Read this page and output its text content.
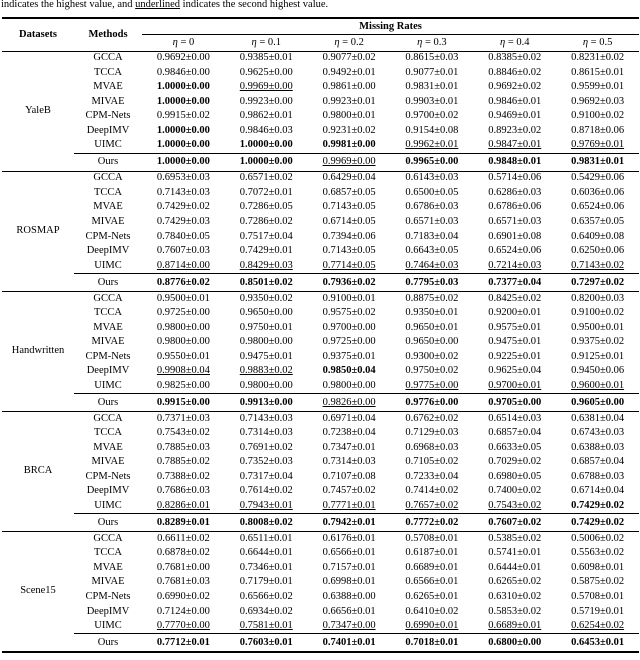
indicates the highest value, and underlined indicates the second highest value.
Datasets	Methods	Missing Rates					
		η = 0	η = 0.1	η = 0.2	η = 0.3	η = 0.4	η = 0.5
YaleB	GCCA	0.9692±0.00	0.9385±0.01	0.9077±0.02	0.8615±0.03	0.8385±0.02	0.8231±0.02
	TCCA	0.9846±0.00	0.9625±0.00	0.9492±0.01	0.9077±0.01	0.8846±0.02	0.8615±0.01
	MVAE	1.0000±0.00	0.9969±0.00	0.9861±0.00	0.9831±0.01	0.9692±0.02	0.9599±0.01
	MIVAE	1.0000±0.00	0.9923±0.00	0.9923±0.01	0.9903±0.01	0.9846±0.01	0.9692±0.03
	CPM-Nets	0.9915±0.02	0.9862±0.01	0.9800±0.01	0.9700±0.02	0.9469±0.01	0.9100±0.02
	DeepIMV	1.0000±0.00	0.9846±0.03	0.9231±0.02	0.9154±0.08	0.8923±0.02	0.8718±0.06
	UIMC	1.0000±0.00	1.0000±0.00	0.9981±0.00	0.9962±0.01	0.9847±0.01	0.9769±0.01
	Ours	1.0000±0.00	1.0000±0.00	0.9969±0.00	0.9965±0.00	0.9848±0.01	0.9831±0.01
ROSMAP	GCCA	0.6953±0.03	0.6571±0.02	0.6429±0.04	0.6143±0.03	0.5714±0.06	0.5429±0.06
	TCCA	0.7143±0.03	0.7072±0.01	0.6857±0.05	0.6500±0.05	0.6286±0.03	0.6036±0.06
	MVAE	0.7429±0.02	0.7286±0.05	0.7143±0.05	0.6786±0.03	0.6786±0.06	0.6524±0.06
	MIVAE	0.7429±0.03	0.7286±0.02	0.6714±0.05	0.6571±0.03	0.6571±0.03	0.6357±0.05
	CPM-Nets	0.7840±0.05	0.7517±0.04	0.7394±0.06	0.7183±0.04	0.6901±0.08	0.6409±0.08
	DeepIMV	0.7607±0.03	0.7429±0.01	0.7143±0.05	0.6643±0.05	0.6524±0.06	0.6250±0.06
	UIMC	0.8714±0.00	0.8429±0.03	0.7714±0.05	0.7464±0.03	0.7214±0.03	0.7143±0.02
	Ours	0.8776±0.02	0.8501±0.02	0.7936±0.02	0.7795±0.03	0.7377±0.04	0.7297±0.02
Handwritten	GCCA	0.9500±0.01	0.9350±0.02	0.9100±0.01	0.8875±0.02	0.8425±0.02	0.8200±0.03
	TCCA	0.9725±0.00	0.9650±0.00	0.9575±0.02	0.9350±0.01	0.9200±0.01	0.9100±0.02
	MVAE	0.9800±0.00	0.9750±0.01	0.9700±0.00	0.9650±0.01	0.9575±0.01	0.9500±0.01
	MIVAE	0.9800±0.00	0.9800±0.00	0.9725±0.00	0.9650±0.00	0.9475±0.01	0.9375±0.02
	CPM-Nets	0.9550±0.01	0.9475±0.01	0.9375±0.01	0.9300±0.02	0.9225±0.01	0.9125±0.01
	DeepIMV	0.9908±0.04	0.9883±0.02	0.9850±0.04	0.9750±0.02	0.9625±0.04	0.9450±0.06
	UIMC	0.9825±0.00	0.9800±0.00	0.9800±0.00	0.9775±0.00	0.9700±0.01	0.9600±0.01
	Ours	0.9915±0.00	0.9913±0.00	0.9826±0.00	0.9776±0.00	0.9705±0.00	0.9605±0.00
BRCA	GCCA	0.7371±0.03	0.7143±0.03	0.6971±0.04	0.6762±0.02	0.6514±0.03	0.6381±0.04
	TCCA	0.7543±0.02	0.7314±0.03	0.7238±0.04	0.7129±0.03	0.6857±0.04	0.6743±0.03
	MVAE	0.7885±0.03	0.7691±0.02	0.7347±0.01	0.6968±0.03	0.6633±0.05	0.6388±0.03
	MIVAE	0.7885±0.02	0.7352±0.03	0.7314±0.03	0.7105±0.02	0.7029±0.02	0.6857±0.04
	CPM-Nets	0.7388±0.02	0.7317±0.04	0.7107±0.08	0.7233±0.04	0.6980±0.05	0.6788±0.03
	DeepIMV	0.7686±0.03	0.7614±0.02	0.7457±0.02	0.7414±0.02	0.7400±0.02	0.6714±0.04
	UIMC	0.8286±0.01	0.7943±0.01	0.7771±0.01	0.7657±0.02	0.7543±0.02	0.7429±0.02
	Ours	0.8289±0.01	0.8008±0.02	0.7942±0.01	0.7772±0.02	0.7607±0.02	0.7429±0.02
Scene15	GCCA	0.6611±0.02	0.6511±0.01	0.6176±0.01	0.5708±0.01	0.5385±0.02	0.5006±0.02
	TCCA	0.6878±0.02	0.6644±0.01	0.6566±0.01	0.6187±0.01	0.5741±0.01	0.5563±0.02
	MVAE	0.7681±0.00	0.7346±0.01	0.7157±0.01	0.6689±0.01	0.6444±0.01	0.6098±0.01
	MIVAE	0.7681±0.03	0.7179±0.01	0.6998±0.01	0.6566±0.01	0.6265±0.02	0.5875±0.02
	CPM-Nets	0.6990±0.02	0.6566±0.02	0.6388±0.00	0.6265±0.01	0.6310±0.02	0.5708±0.01
	DeepIMV	0.7124±0.00	0.6934±0.02	0.6656±0.01	0.6410±0.02	0.5853±0.02	0.5719±0.01
	UIMC	0.7770±0.00	0.7581±0.01	0.7347±0.00	0.6990±0.01	0.6689±0.01	0.6254±0.02
	Ours	0.7712±0.01	0.7603±0.01	0.7401±0.01	0.7018±0.01	0.6800±0.00	0.6453±0.01
